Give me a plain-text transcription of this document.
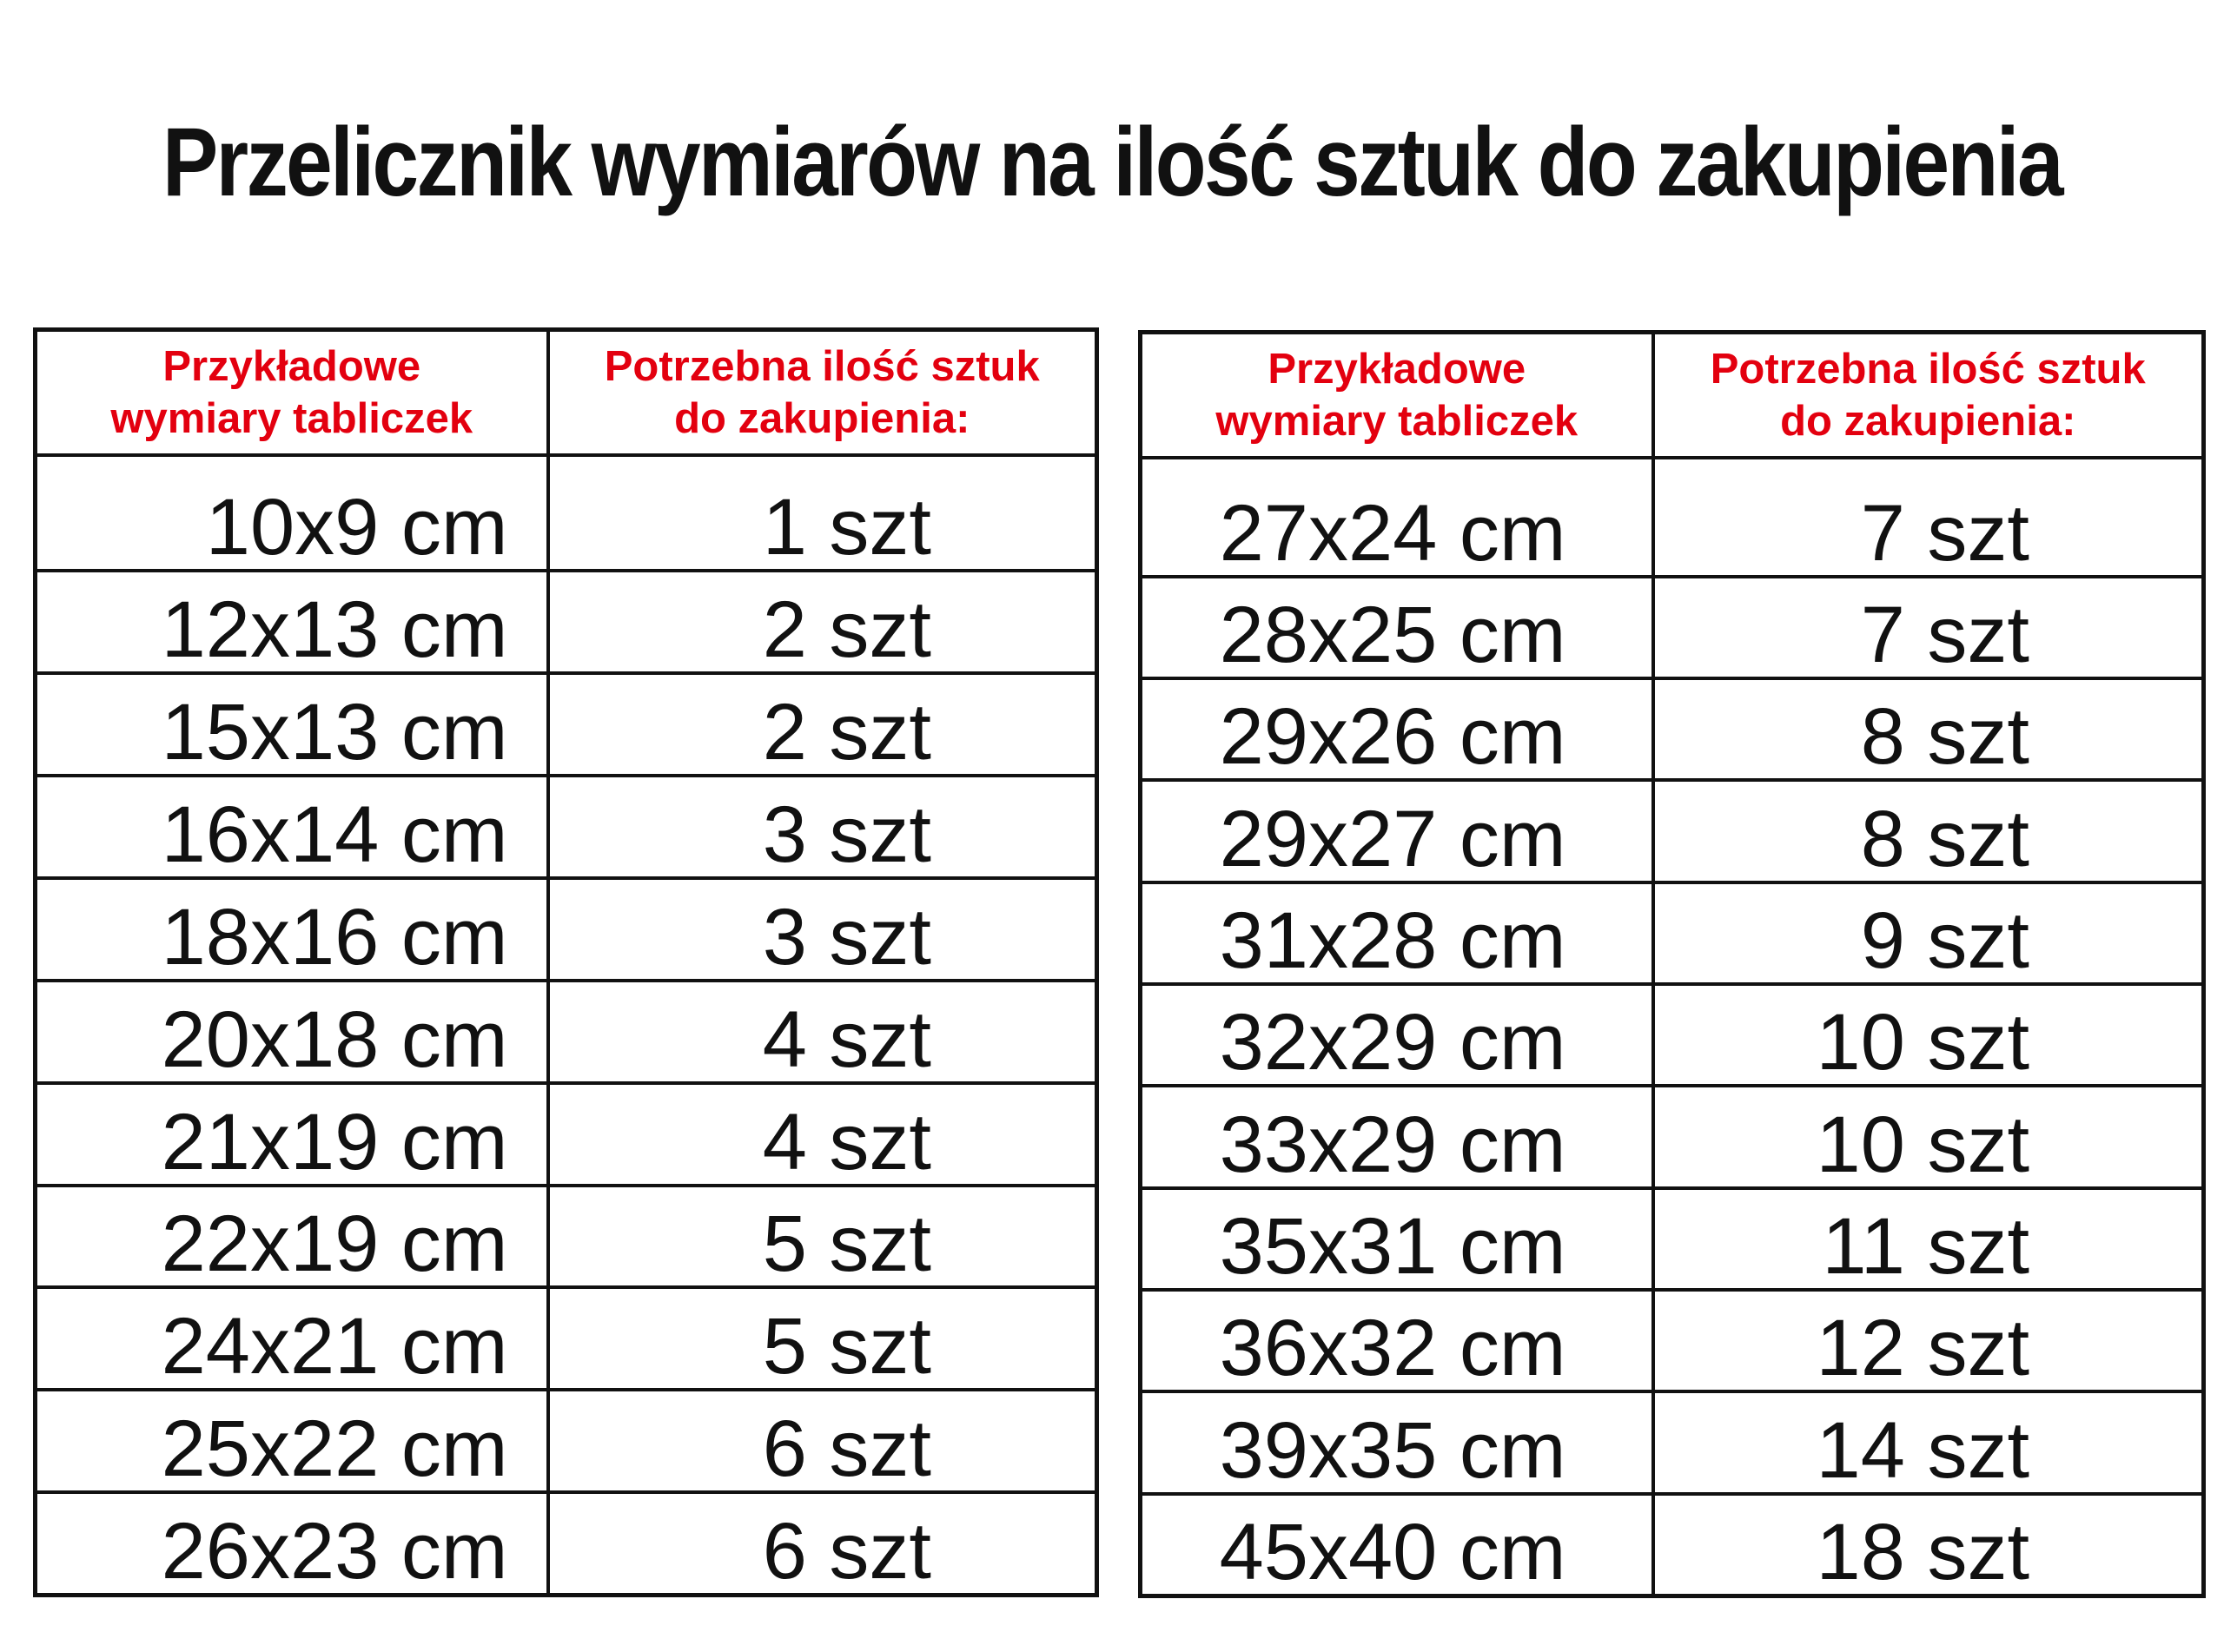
Przelicznik wymiarów na ilość sztuk do zakupienia
Przykładowe
wymiary tabliczek	Potrzebna ilość sztuk
do zakupienia:
10x9 cm	1 szt
12x13 cm	2 szt
15x13 cm	2 szt
16x14 cm	3 szt
18x16 cm	3 szt
20x18 cm	4 szt
21x19 cm	4 szt
22x19 cm	5 szt
24x21 cm	5 szt
25x22 cm	6 szt
26x23 cm	6 szt
Przykładowe
wymiary tabliczek	Potrzebna ilość sztuk
do zakupienia:
27x24 cm	7 szt
28x25 cm	7 szt
29x26 cm	8 szt
29x27 cm	8 szt
31x28 cm	9 szt
32x29 cm	10 szt
33x29 cm	10 szt
35x31 cm	11 szt
36x32 cm	12 szt
39x35 cm	14 szt
45x40 cm	18 szt
